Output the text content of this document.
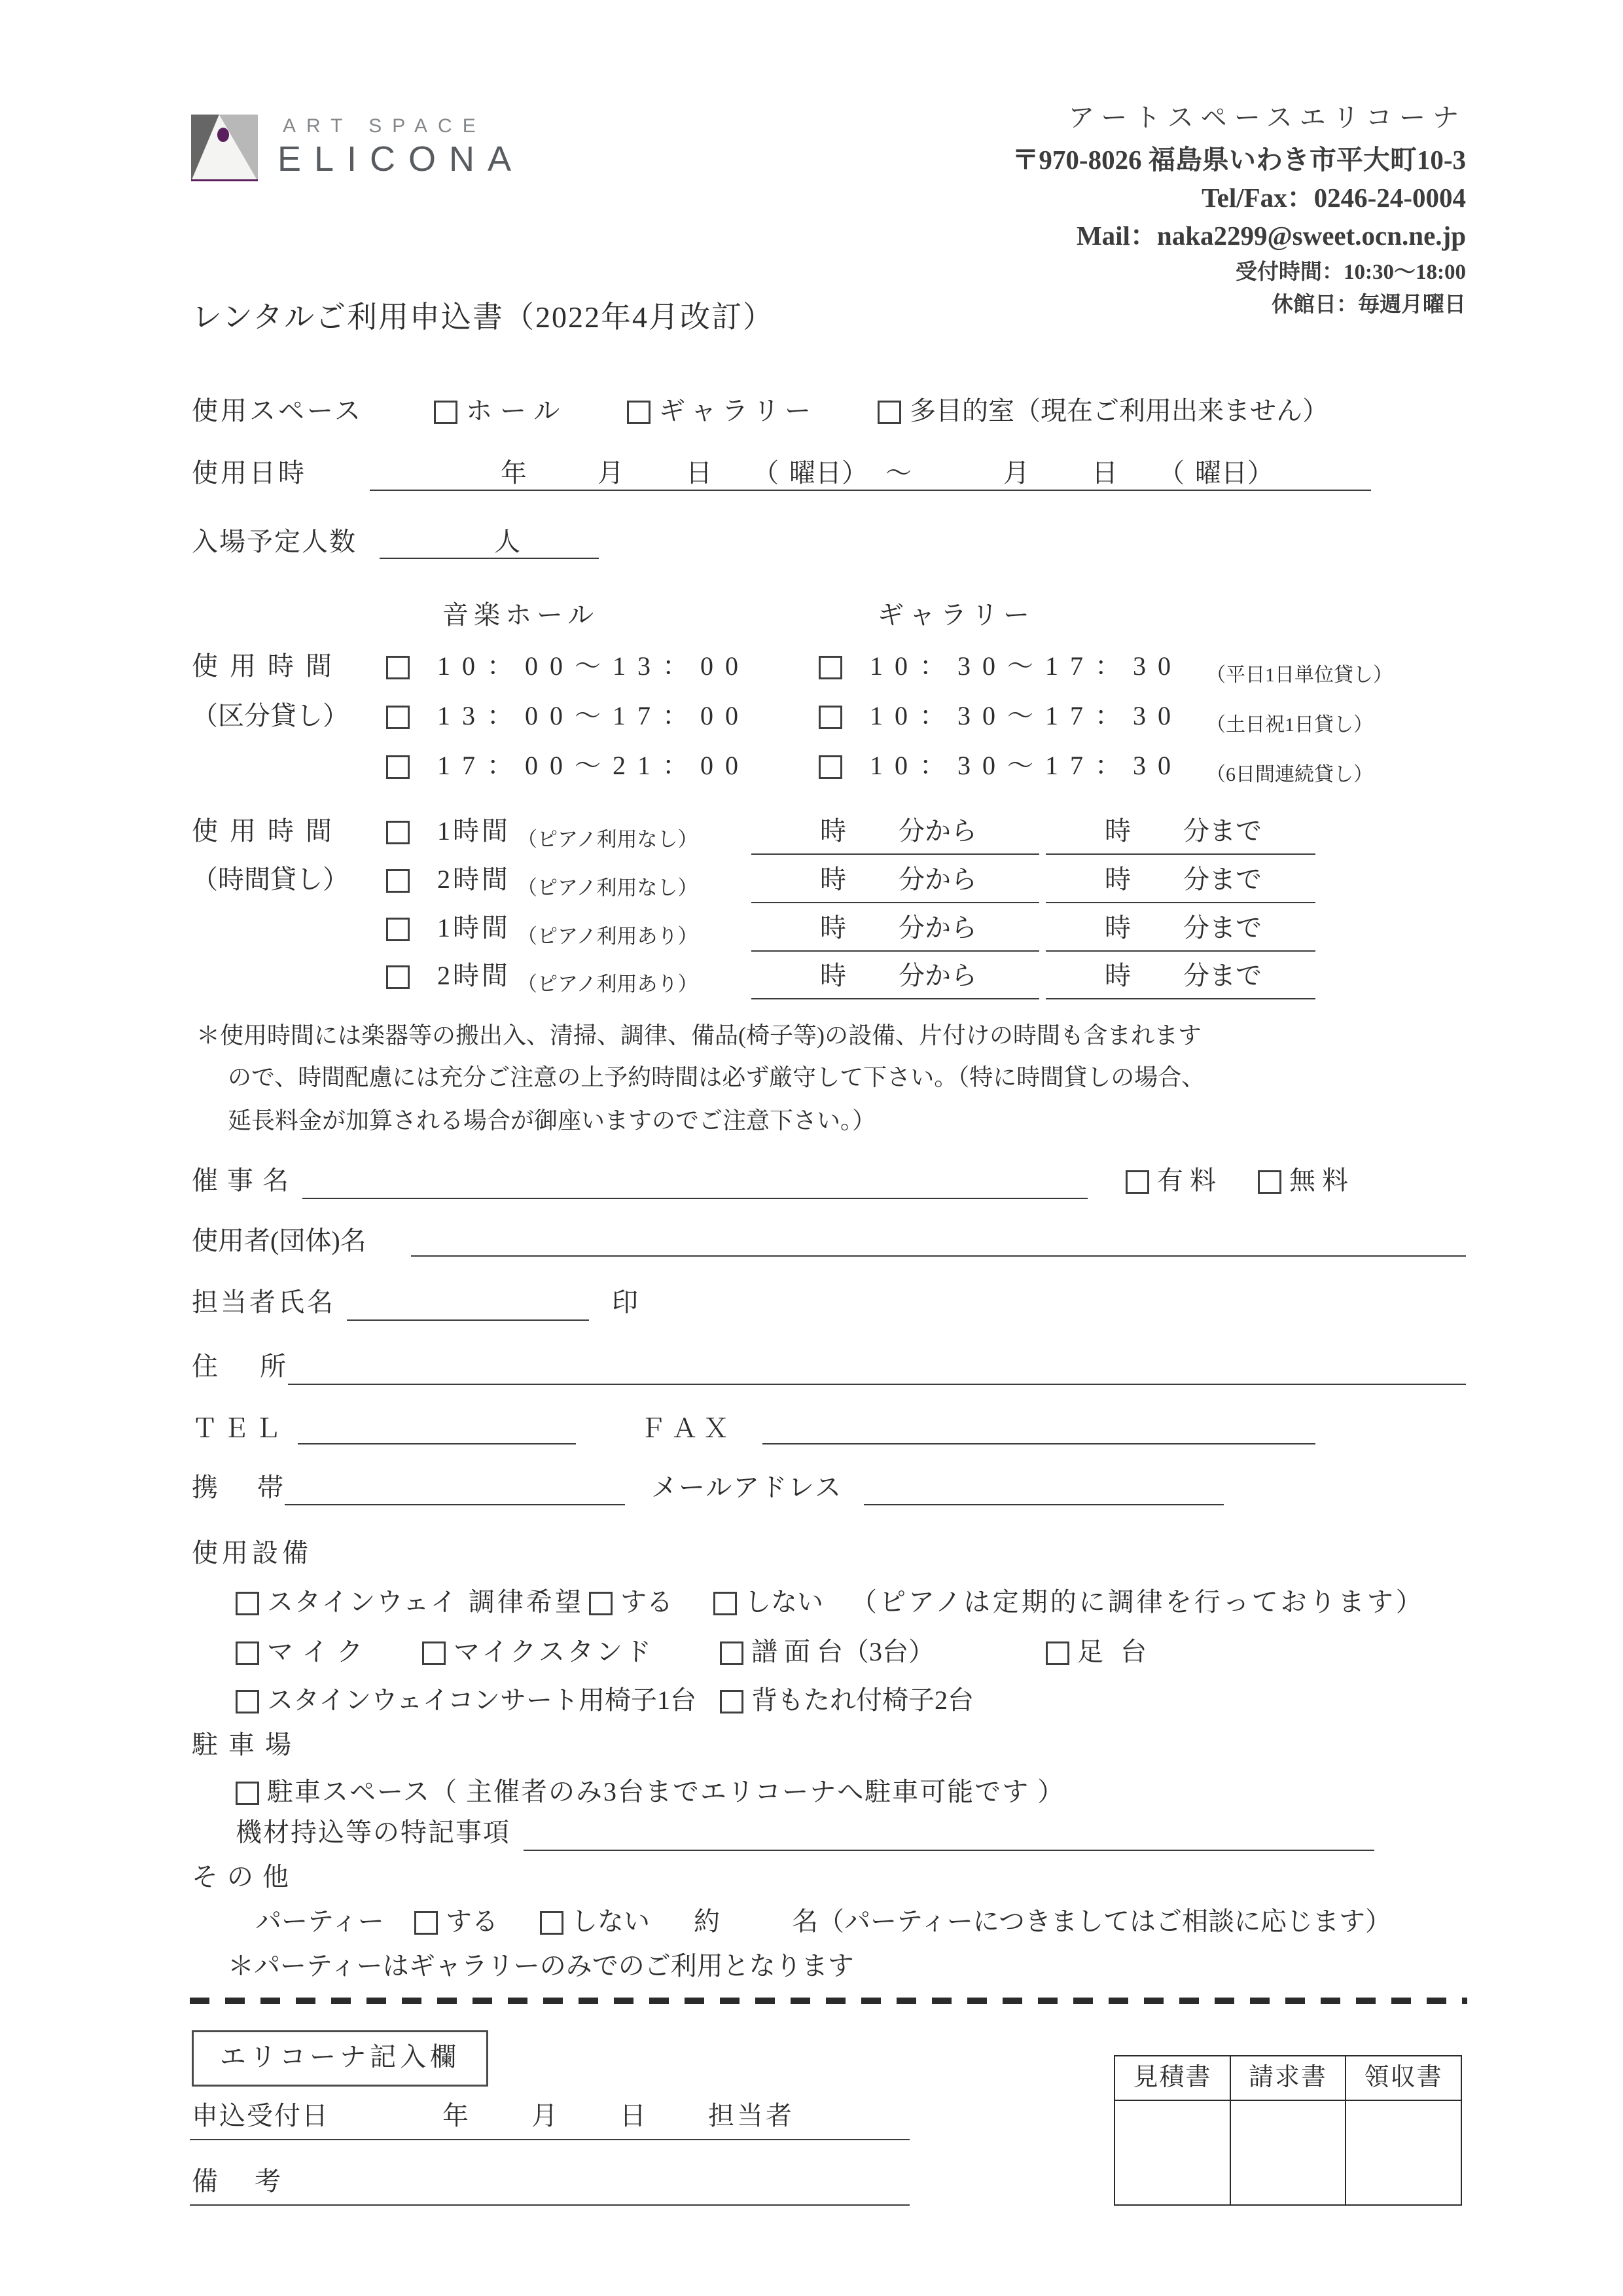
ART SPACE
ELICONA
アートスペースエリコーナ
〒970-8026 福島県いわき市平大町10-3
Tel/Fax：0246-24-0004
Mail：naka2299@sweet.ocn.ne.jp
受付時間：10:30～18:00
休館日：毎週月曜日
レンタルご利用申込書（2022年4月改訂）
使用スペース	ホール	ギャラリー	多目的室（現在ご利用出来ません）
使用日時	年	月 日 （ 曜日） ～	月 日 （ 曜日）
入場予定人数	人
音楽ホール	ギャラリー
使用時間	10：00～13：00	10：30～17：30 （平日1日単位貸し）
（区分貸し）	13：00～17：00	10：30～17：30 （土日祝1日貸し）
17：00～21：00	10：30～17：30 （6日間連続貸し）
使用時間	1時間 （ピアノ利用なし）	時　　分から	時　　分まで
（時間貸し）	2時間 （ピアノ利用なし）	時　　分から	時　　分まで
1時間 （ピアノ利用あり）	時　　分から	時　　分まで
2時間 （ピアノ利用あり）	時　　分から	時　　分まで
＊使用時間には楽器等の搬出入、清掃、調律、備品(椅子等)の設備、片付けの時間も含まれます
ので、時間配慮には充分ご注意の上予約時間は必ず厳守して下さい。（特に時間貸しの場合、
延長料金が加算される場合が御座いますのでご注意下さい。）
催事名	有 料	無 料
使用者(団体)名
担当者氏名	印
住　所
ＴＥＬ	ＦＡＸ
携　帯	メールアドレス
使用設備
スタインウェイ 調律希望 する	しない （ピアノは定期的に調律を行っております）
マイク	マイクスタンド	譜 面 台（3台）	足 台
スタインウェイコンサート用椅子1台 背もたれ付椅子2台
駐車場
駐車スペース（ 主催者のみ3台までエリコーナへ駐車可能です ）
機材持込等の特記事項
その他
パーティー する	しない 約	名（パーティーにつきましてはご相談に応じます）
＊パーティーはギャラリーのみでのご利用となります
エリコーナ記入欄
見積書	請求書	領収書
申込受付日	年 月 日 担当者
備　考
